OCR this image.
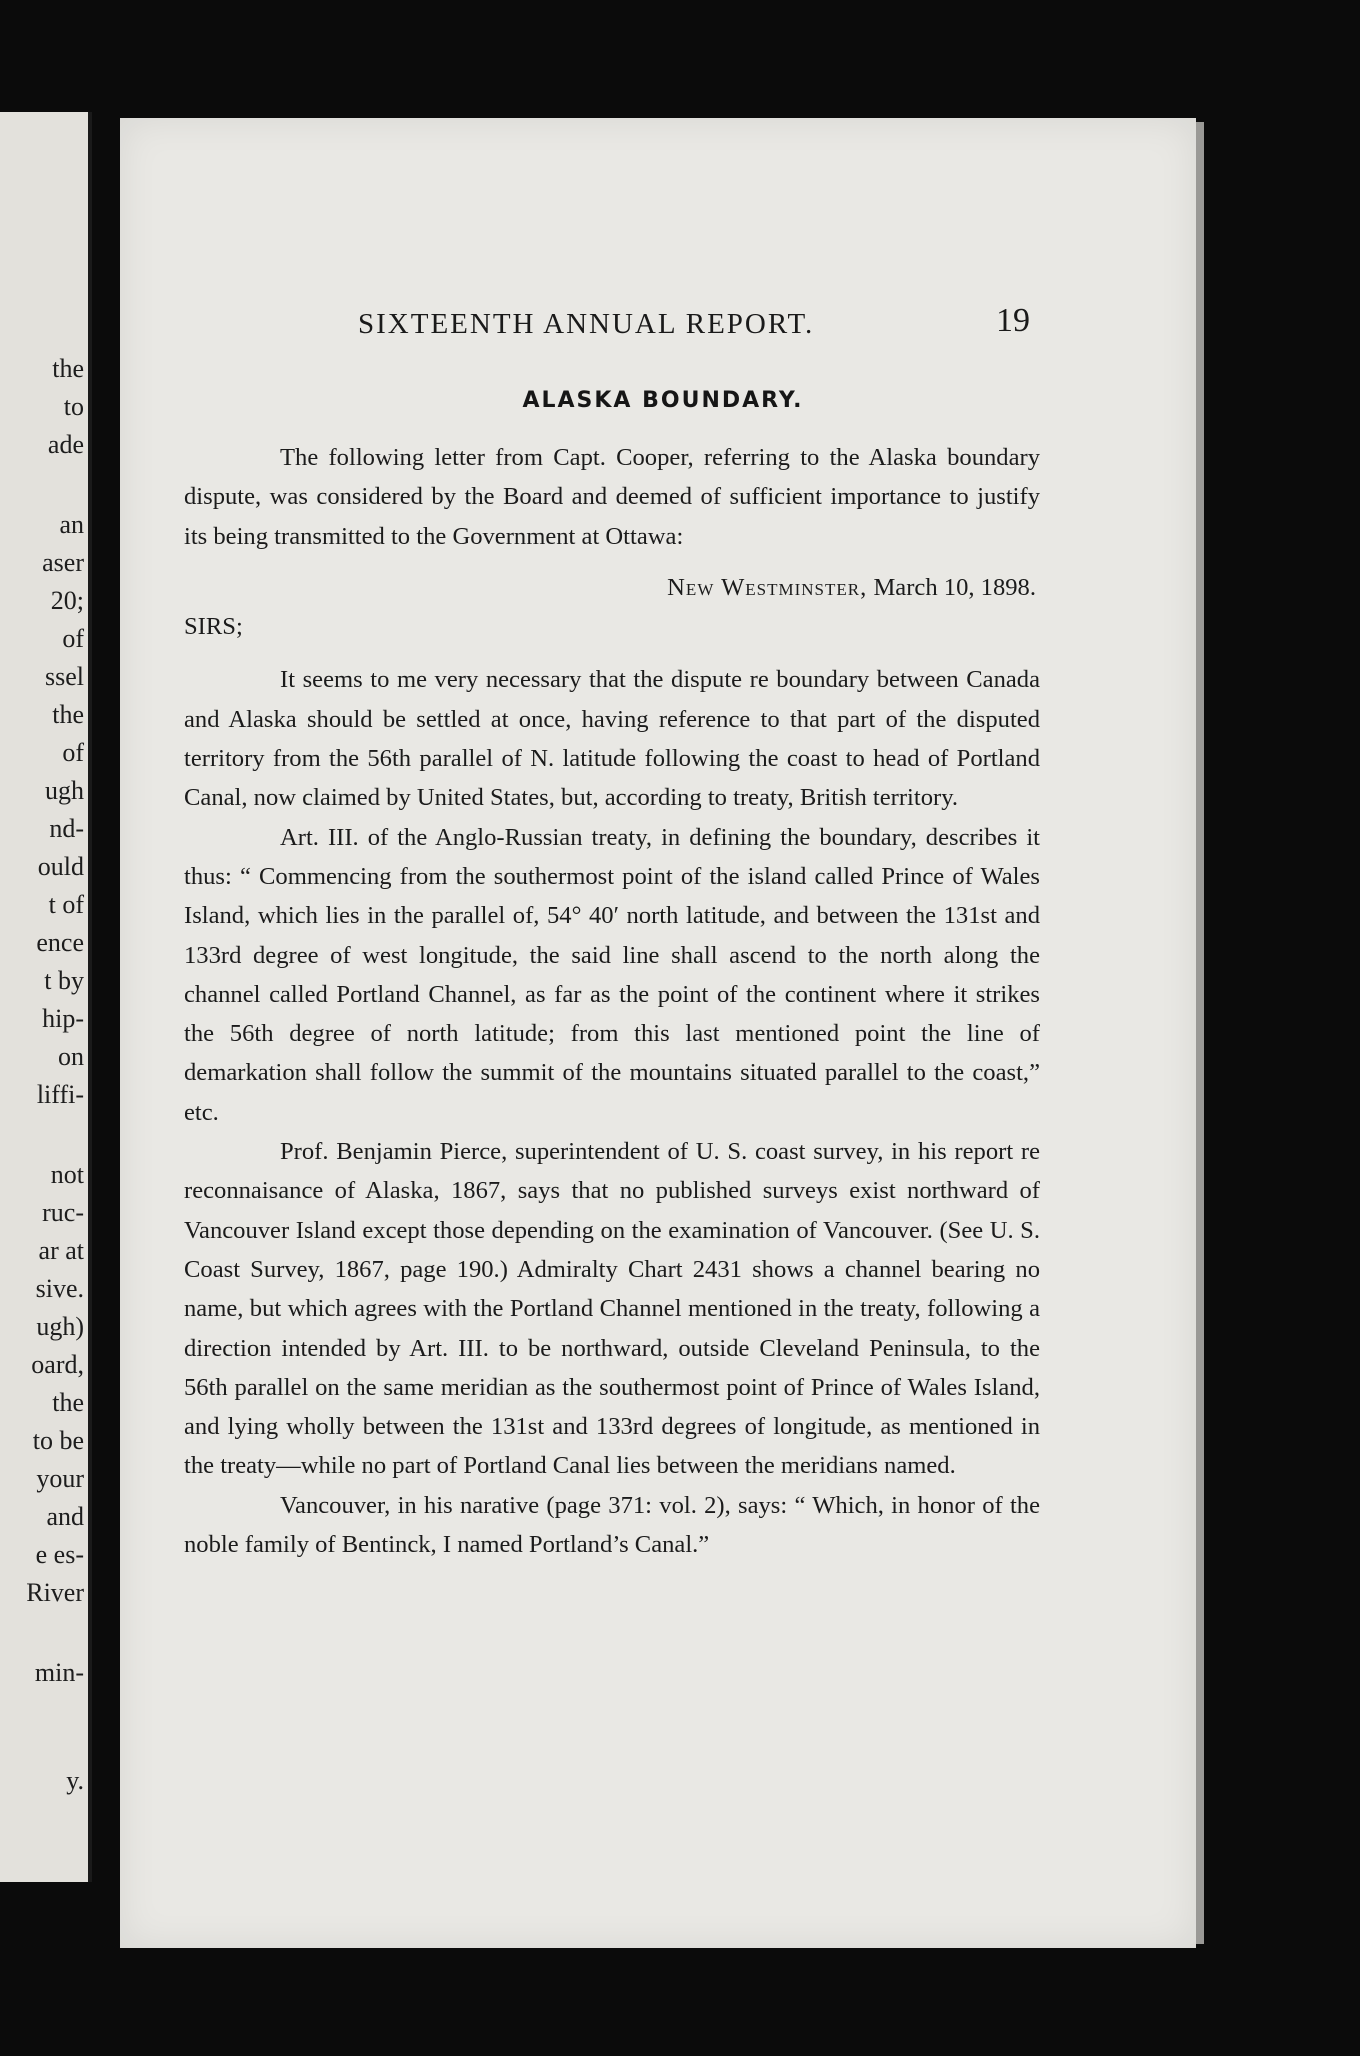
the
to
ade
an
aser
20;
of
ssel
the
of
ugh
nd-
ould
t of
ence
t by
hip-
on
liffi-
not
ruc-
ar at
sive.
ugh)
oard,
the
to be
your
and
e es-
River
min-
y.
SIXTEENTH ANNUAL REPORT.	19
ALASKA BOUNDARY.

The following letter from Capt. Cooper, referring to the Alaska boundary dispute, was considered by the Board and deemed of sufficient importance to justify its being transmitted to the Government at Ottawa:

New Westminster, March 10, 1898.

SIRS;

It seems to me very necessary that the dispute re boundary between Canada and Alaska should be settled at once, having reference to that part of the disputed territory from the 56th parallel of N. latitude following the coast to head of Portland Canal, now claimed by United States, but, according to treaty, British territory.

Art. III. of the Anglo-Russian treaty, in defining the boundary, describes it thus: “ Commencing from the southermost point of the island called Prince of Wales Island, which lies in the parallel of, 54° 40′ north latitude, and between the 131st and 133rd degree of west longitude, the said line shall ascend to the north along the channel called Portland Channel, as far as the point of the continent where it strikes the 56th degree of north latitude; from this last mentioned point the line of demarkation shall follow the summit of the mountains situated parallel to the coast,” etc.

Prof. Benjamin Pierce, superintendent of U. S. coast survey, in his report re reconnaisance of Alaska, 1867, says that no published surveys exist northward of Vancouver Island except those depending on the examination of Vancouver. (See U. S. Coast Survey, 1867, page 190.) Admiralty Chart 2431 shows a channel bearing no name, but which agrees with the Portland Channel mentioned in the treaty, following a direction intended by Art. III. to be northward, outside Cleveland Peninsula, to the 56th parallel on the same meridian as the southermost point of Prince of Wales Island, and lying wholly between the 131st and 133rd degrees of longitude, as mentioned in the treaty—while no part of Portland Canal lies between the meridians named.

Vancouver, in his narative (page 371: vol. 2), says: “ Which, in honor of the noble family of Bentinck, I named Portland’s Canal.”
